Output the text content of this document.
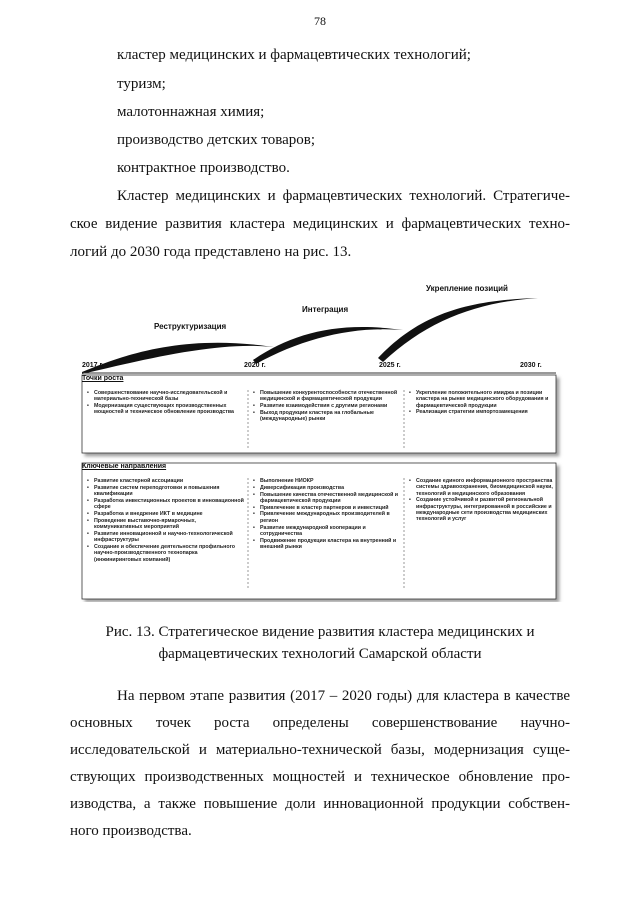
78
кластер медицинских и фармацевтических технологий;
туризм;
малотоннажная химия;
производство детских товаров;
контрактное производство.
Кластер медицинских и фармацевтических технологий. Стратегиче-
ское видение развития кластера медицинских и фармацевтических техно-
логий до 2030 года представлено на рис. 13.
Реструктуризация
Интеграция
Укрепление позиций
2017 г.	2020 г.	2025 г.	2030 г.
Точки роста
• Совершенствование научно-исследовательской и материально-технической базы
• Модернизация существующих производственных мощностей и техническое обновление производства
• Повышение конкурентоспособности отечественной медицинской и фармацевтической продукции
• Развитие взаимодействия с другими регионами
• Выход продукции кластера на глобальные (международные) рынки
• Укрепление положительного имиджа и позиции кластера на рынке медицинского оборудования и фармацевтической продукции
• Реализация стратегии импортозамещения
Ключевые направления
• Развитие кластерной ассоциации
• Развитие систем переподготовки и повышения квалификации
• Разработка инвестиционных проектов в инновационной сфере
• Разработка и внедрение ИКТ в медицине
• Проведение выставочно-ярмарочных, коммуникативных мероприятий
• Развитие инновационной и научно-технологической инфраструктуры
• Создание и обеспечение деятельности профильного научно-производственного технопарка (инжиниринговых компаний)
• Выполнение НИОКР
• Диверсификация производства
• Повышение качества отечественной медицинской и фармацевтической продукции
• Привлечение в кластер партнеров и инвестиций
• Привлечение международных производителей в регион
• Развитие международной кооперации и сотрудничества
• Продвижение продукции кластера на внутренний и внешний рынки
• Создание единого информационного пространства системы здравоохранения, биомедицинской науки, технологий и медицинского образования
• Создание устойчивой и развитой региональной инфраструктуры, интегрированной в российские и международные сети производства медицинских технологий и услуг
Рис. 13. Стратегическое видение развития кластера медицинских и
фармацевтических технологий Самарской области
На первом этапе развития (2017 – 2020 годы) для кластера в качестве
основных точек роста определены совершенствование научно-
исследовательской и материально-технической базы, модернизация суще-
ствующих производственных мощностей и техническое обновление про-
изводства, а также повышение доли инновационной продукции собствен-
ного производства.
